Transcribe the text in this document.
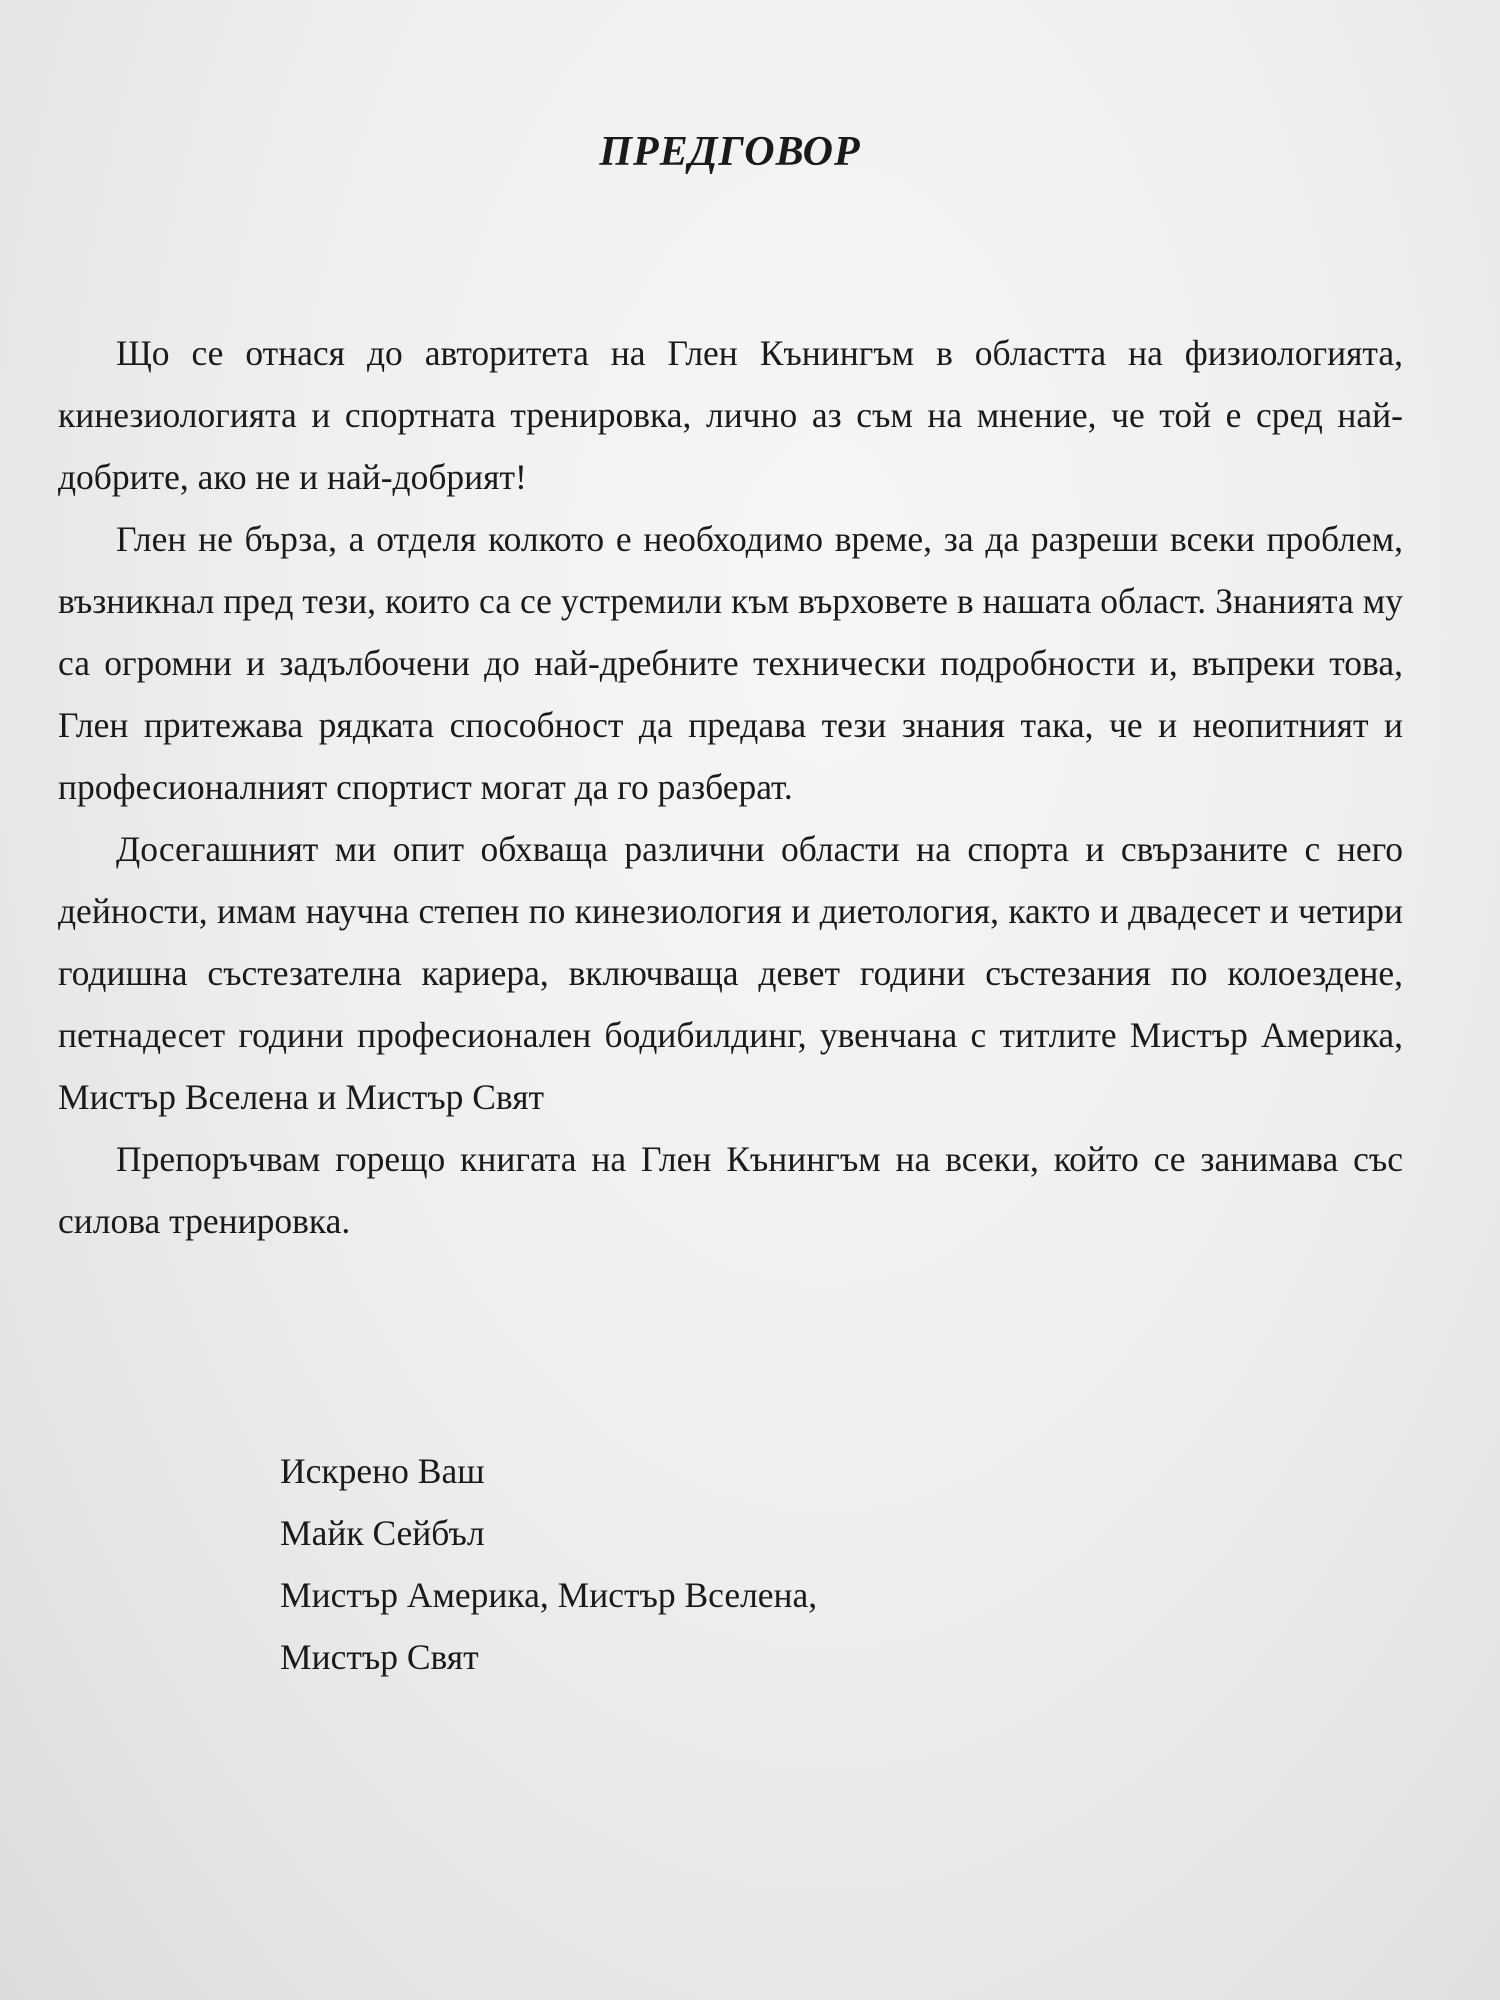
ПРЕДГОВОР

Що се отнася до авторитета на Глен Кънингъм в областта на физиологията, кинезиологията и спортната тренировка, лично аз съм на мнение, че той е сред най-добрите, ако не и най-добрият!

Глен не бърза, а отделя колкото е необходимо време, за да разреши всеки проблем, възникнал пред тези, които са се устремили към върховете в нашата област. Знанията му са огромни и задълбочени до най-дребните технически подробности и, въпреки това, Глен притежава рядката способност да предава тези знания така, че и неопитният и професионалният спортист могат да го разберат.

Досегашният ми опит обхваща различни области на спорта и свързаните с него дейности, имам научна степен по кинезиология и диетология, както и двадесет и четири годишна състезателна кариера, включваща девет години състезания по колоездене, петнадесет години професионален бодибилдинг, увенчана с титлите Мистър Америка, Мистър Вселена и Мистър Свят

Препоръчвам горещо книгата на Глен Кънингъм на всеки, който се занимава със силова тренировка.

Искрено Ваш
Майк Сейбъл
Мистър Америка, Мистър Вселена,
Мистър Свят
